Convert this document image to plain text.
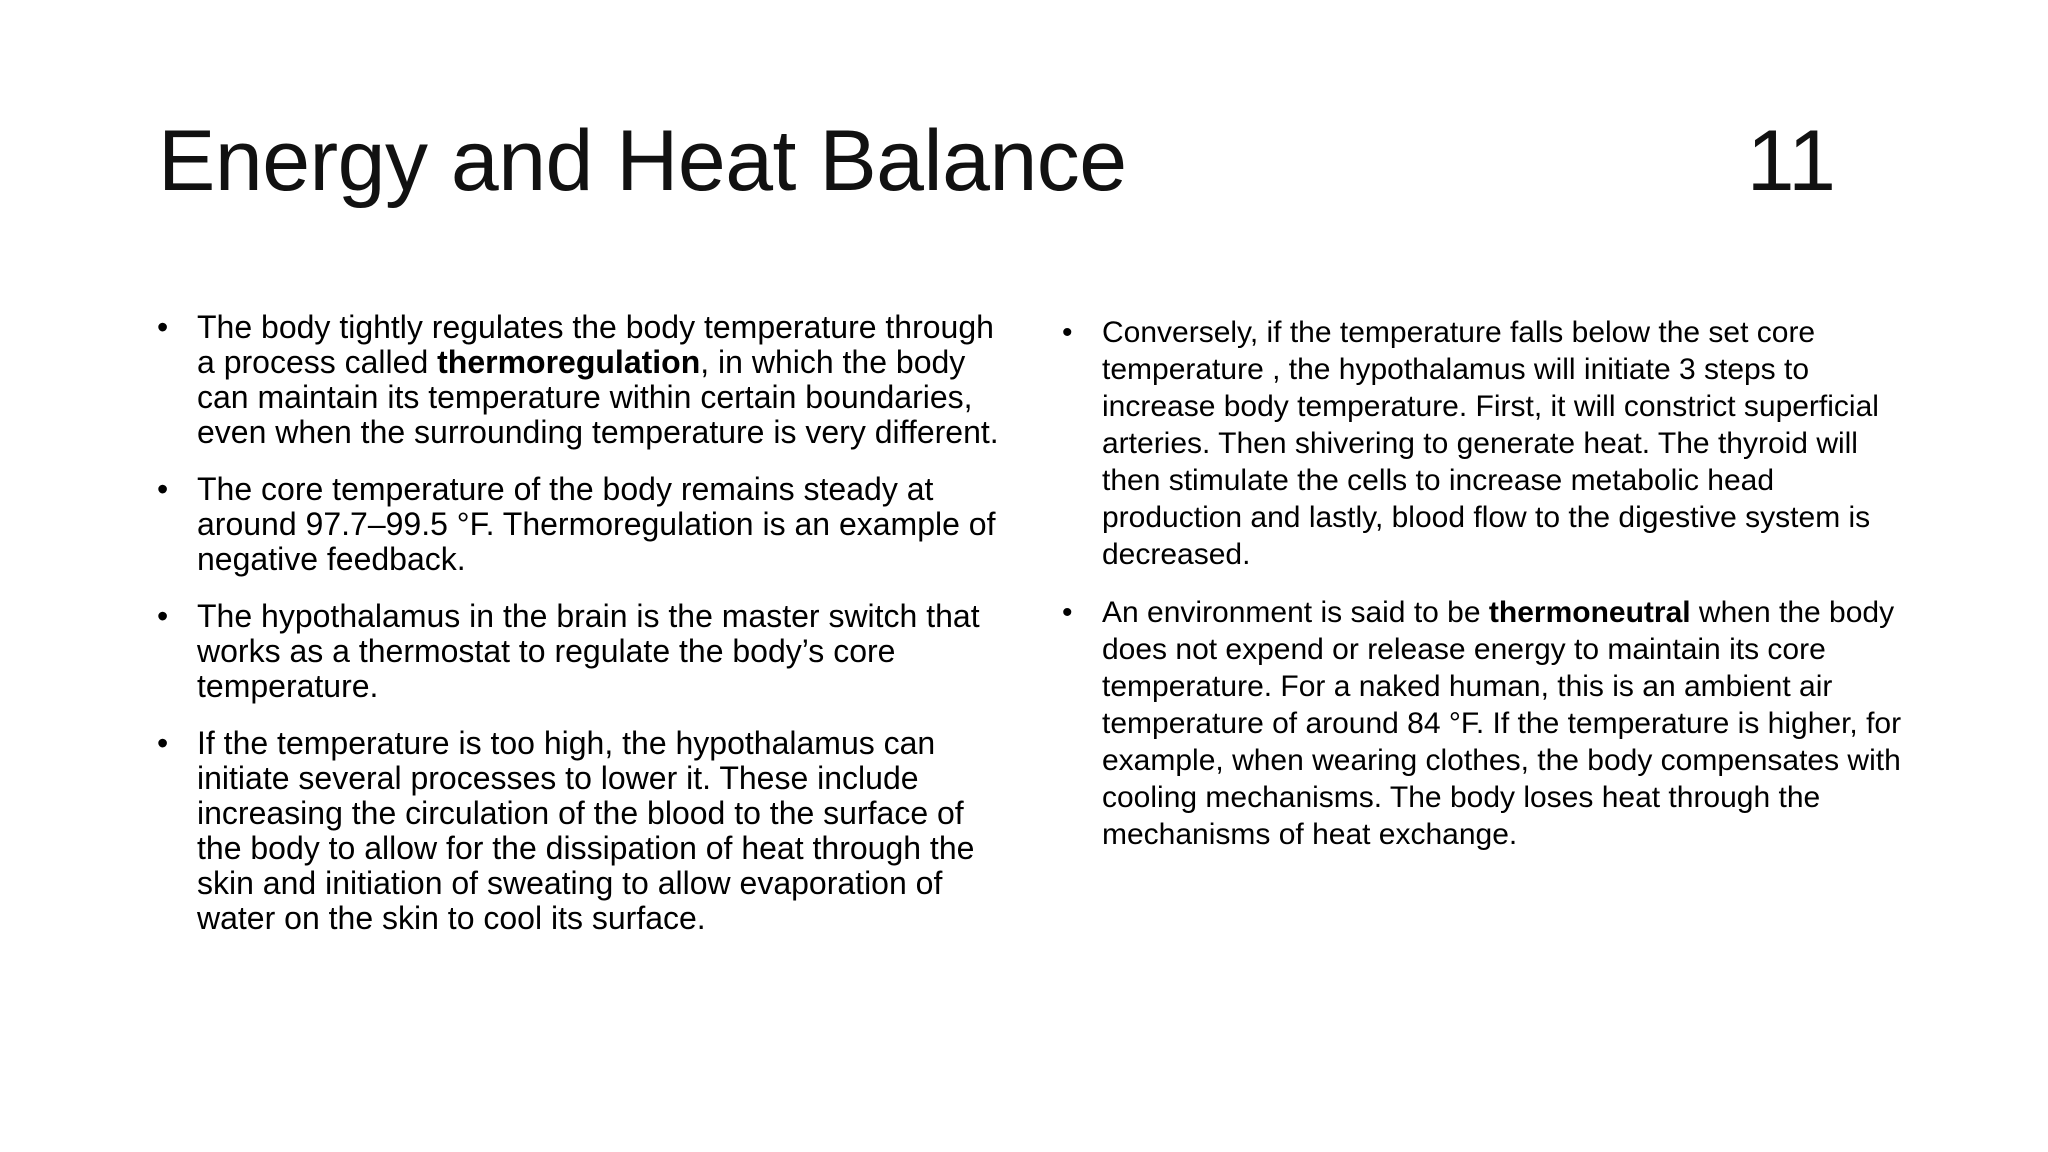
Energy and Heat Balance	11
• The body tightly regulates the body temperature through a process called thermoregulation, in which the body can maintain its temperature within certain boundaries, even when the surrounding temperature is very different.
• The core temperature of the body remains steady at around 97.7–99.5 °F. Thermoregulation is an example of negative feedback.
• The hypothalamus in the brain is the master switch that works as a thermostat to regulate the body’s core temperature.
• If the temperature is too high, the hypothalamus can initiate several processes to lower it. These include increasing the circulation of the blood to the surface of the body to allow for the dissipation of heat through the skin and initiation of sweating to allow evaporation of water on the skin to cool its surface.
• Conversely, if the temperature falls below the set core temperature , the hypothalamus will initiate 3 steps to increase body temperature. First, it will constrict superficial arteries. Then shivering to generate heat. The thyroid will then stimulate the cells to increase metabolic head production and lastly, blood flow to the digestive system is decreased.
• An environment is said to be thermoneutral when the body does not expend or release energy to maintain its core temperature. For a naked human, this is an ambient air temperature of around 84 °F. If the temperature is higher, for example, when wearing clothes, the body compensates with cooling mechanisms. The body loses heat through the mechanisms of heat exchange.
